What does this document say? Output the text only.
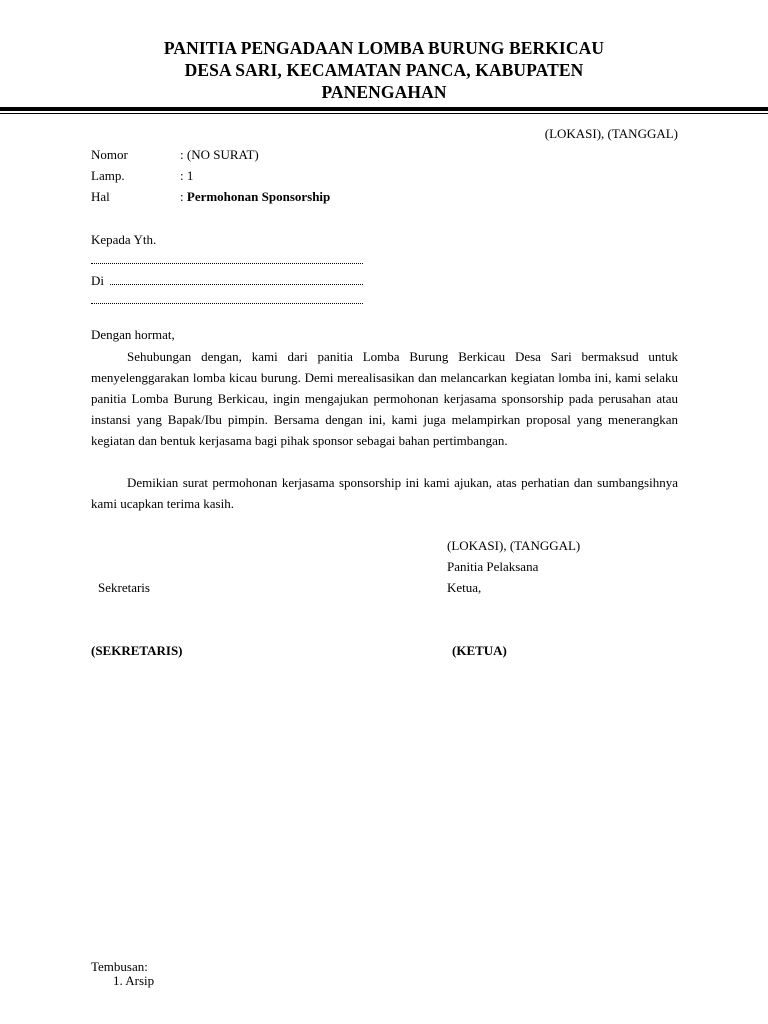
PANITIA PENGADAAN LOMBA BURUNG BERKICAU
DESA SARI, KECAMATAN PANCA, KABUPATEN
PANENGAHAN
(LOKASI), (TANGGAL)
Nomor	: (NO SURAT)
Lamp.	: 1
Hal	: Permohonan Sponsorship
Kepada Yth.
Di
Dengan hormat,
Sehubungan dengan, kami dari panitia Lomba Burung Berkicau Desa Sari bermaksud untuk menyelenggarakan lomba kicau burung. Demi merealisasikan dan melancarkan kegiatan lomba ini, kami selaku panitia Lomba Burung Berkicau, ingin mengajukan permohonan kerjasama sponsorship pada perusahan atau instansi yang Bapak/Ibu pimpin. Bersama dengan ini, kami juga melampirkan proposal yang menerangkan kegiatan dan bentuk kerjasama bagi pihak sponsor sebagai bahan pertimbangan.
Demikian surat permohonan kerjasama sponsorship ini kami ajukan, atas perhatian dan sumbangsihnya kami ucapkan terima kasih.
(LOKASI), (TANGGAL)
Panitia Pelaksana
Sekretaris	Ketua,
(SEKRETARIS)	(KETUA)
Tembusan:
1. Arsip
